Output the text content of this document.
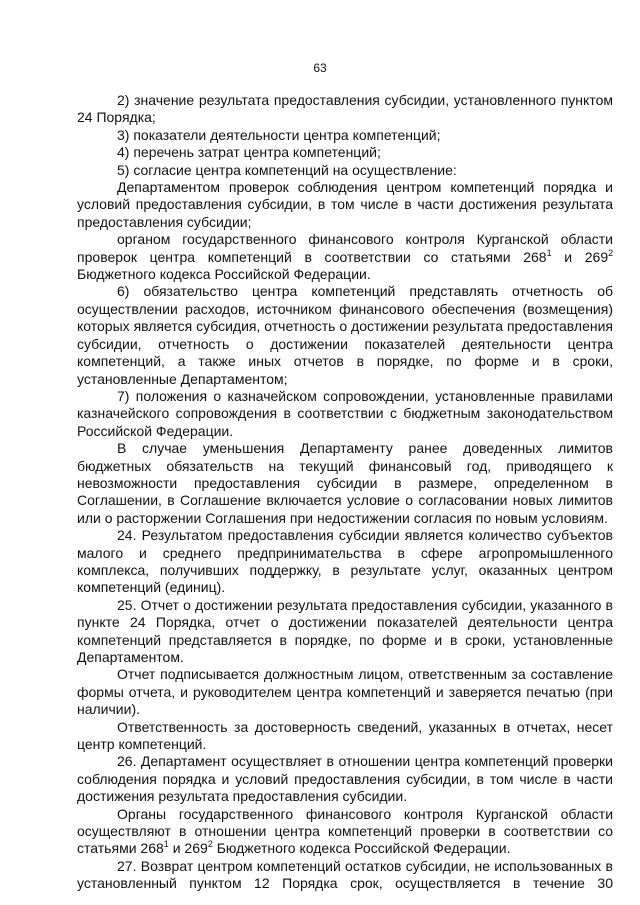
63

2) значение результата предоставления субсидии, установленного пунктом 24 Порядка;

3) показатели деятельности центра компетенций;

4) перечень затрат центра компетенций;

5) согласие центра компетенций на осуществление:

Департаментом проверок соблюдения центром компетенций порядка и условий предоставления субсидии, в том числе в части достижения результата предоставления субсидии;

органом государственного финансового контроля Курганской области проверок центра компетенций в соответствии со статьями $268^1$ и $269^2$ Бюджетного кодекса Российской Федерации.

6) обязательство центра компетенций представлять отчетность об осуществлении расходов, источником финансового обеспечения (возмещения) которых является субсидия, отчетность о достижении результата предоставления субсидии, отчетность о достижении показателей деятельности центра компетенций, а также иных отчетов в порядке, по форме и в сроки, установленные Департаментом;

7) положения о казначейском сопровождении, установленные правилами казначейского сопровождения в соответствии с бюджетным законодательством Российской Федерации.

В случае уменьшения Департаменту ранее доведенных лимитов бюджетных обязательств на текущий финансовый год, приводящего к невозможности предоставления субсидии в размере, определенном в Соглашении, в Соглашение включается условие о согласовании новых лимитов или о расторжении Соглашения при недостижении согласия по новым условиям.

24. Результатом предоставления субсидии является количество субъектов малого и среднего предпринимательства в сфере агропромышленного комплекса, получивших поддержку, в результате услуг, оказанных центром компетенций (единиц).

25. Отчет о достижении результата предоставления субсидии, указанного в пункте 24 Порядка, отчет о достижении показателей деятельности центра компетенций представляется в порядке, по форме и в сроки, установленные Департаментом.

Отчет подписывается должностным лицом, ответственным за составление формы отчета, и руководителем центра компетенций и заверяется печатью (при наличии).

Ответственность за достоверность сведений, указанных в отчетах, несет центр компетенций.

26. Департамент осуществляет в отношении центра компетенций проверки соблюдения порядка и условий предоставления субсидии, в том числе в части достижения результата предоставления субсидии.

Органы государственного финансового контроля Курганской области осуществляют в отношении центра компетенций проверки в соответствии со статьями $268^1$ и $269^2$ Бюджетного кодекса Российской Федерации.

27. Возврат центром компетенций остатков субсидии, не использованных в установленный пунктом 12 Порядка срок, осуществляется в течение 30
